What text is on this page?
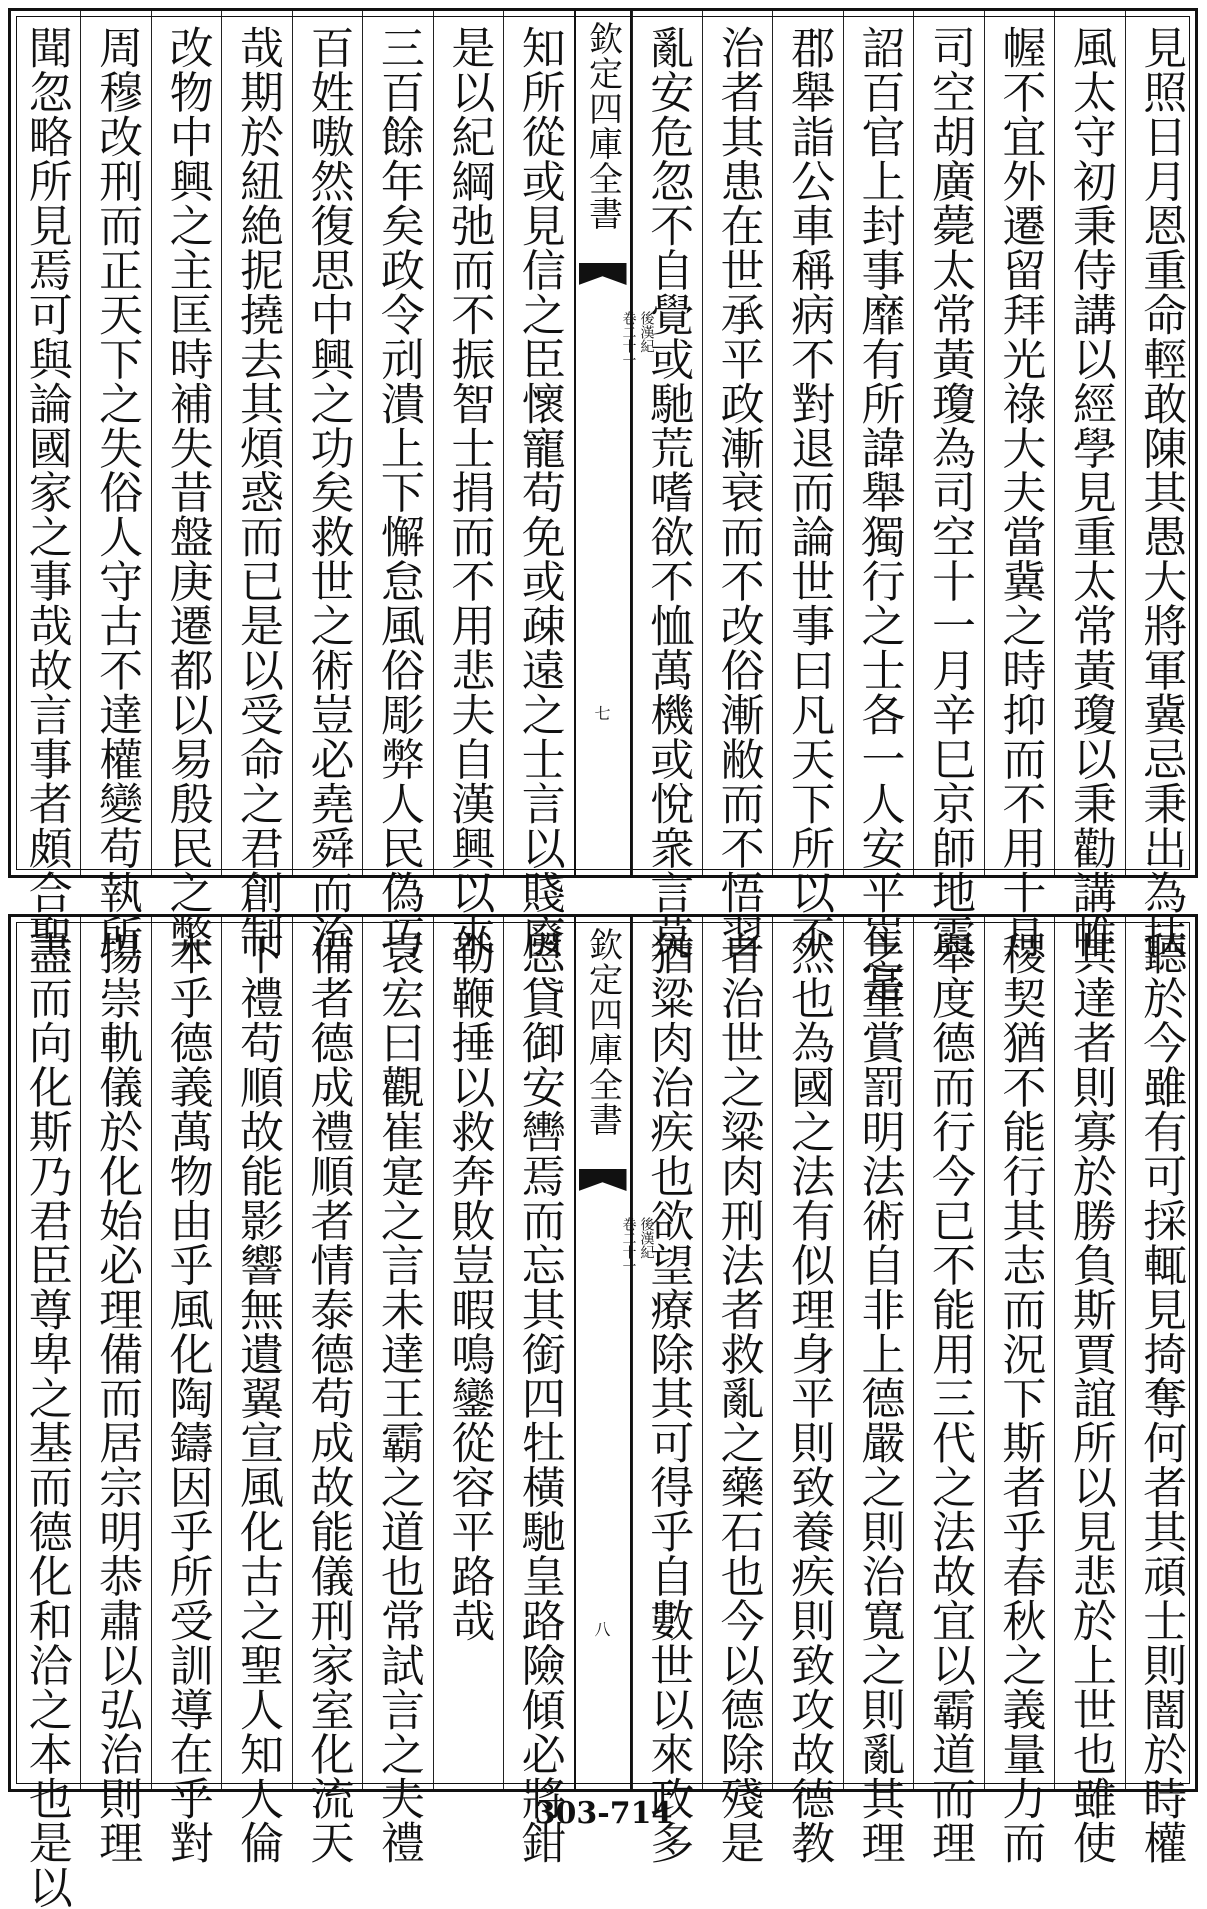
見照日月恩重命輕敢陳其愚大將軍冀忌秉出為扶
風太守初秉侍講以經學見重太常黃瓊以秉勸講帷
幄不宜外遷留拜光祿大夫當冀之時抑而不用十月
司空胡廣薨太常黃瓊為司空十一月辛巳京師地震
詔百官上封事靡有所諱舉獨行之士各一人安平崔寔
郡舉詣公車稱病不對退而論世事曰凡天下所以不
治者其患在世承平政漸衰而不改俗漸敝而不悟習
亂安危忽不自覺或馳荒嗜欲不恤萬機或悅衆言莫
欽定四庫全書
後漢紀
卷二十一
七
知所從或見信之臣懷寵苟免或疎遠之士言以賤廢
是以紀綱弛而不振智士捐而不用悲夫自漢興以來
三百餘年矣政令刓潰上下懈怠風俗彫弊人民偽巧
百姓嗷然復思中興之功矣救世之術豈必堯舜而治
哉期於紐絶抳撓去其煩惑而已是以受命之君創制
改物中興之主匡時補失昔盤庚遷都以易殷民之弊
周穆改刑而正天下之失俗人守古不達權變苟執所
聞忽略所見焉可與論國家之事哉故言事者頗合聖
聽於今雖有可採輒見掎奪何者其頑士則闇於時權
其達者則寡於勝負斯賈誼所以見悲於上世也雖使
稷契猶不能行其志而況下斯者乎春秋之義量力而
舉度德而行今已不能用三代之法故宜以霸道而理
之重賞罰明法術自非上德嚴之則治寬之則亂其理
然也為國之法有似理身平則致養疾則致攻故德教
者治世之粱肉刑法者救亂之藥石也今以德除殘是
猶粱肉治疾也欲望療除其可得乎自數世以來政多
欽定四庫全書
後漢紀
卷二十一
八
恩貸御安轡焉而忘其銜四牡橫馳皇路險傾必將鉗
勒鞭捶以救奔敗豈暇鳴鑾從容平路哉
袁宏曰觀崔寔之言未達王霸之道也常試言之夫禮
備者德成禮順者情泰德苟成故能儀刑家室化流天
下禮苟順故能影響無遺翼宣風化古之聖人知人倫
本乎德義萬物由乎風化陶鑄因乎所受訓導在乎對
揚崇軌儀於化始必理備而居宗明恭肅以弘治則理
盡而向化斯乃君臣尊卑之基而德化和洽之本也是以	303-714
